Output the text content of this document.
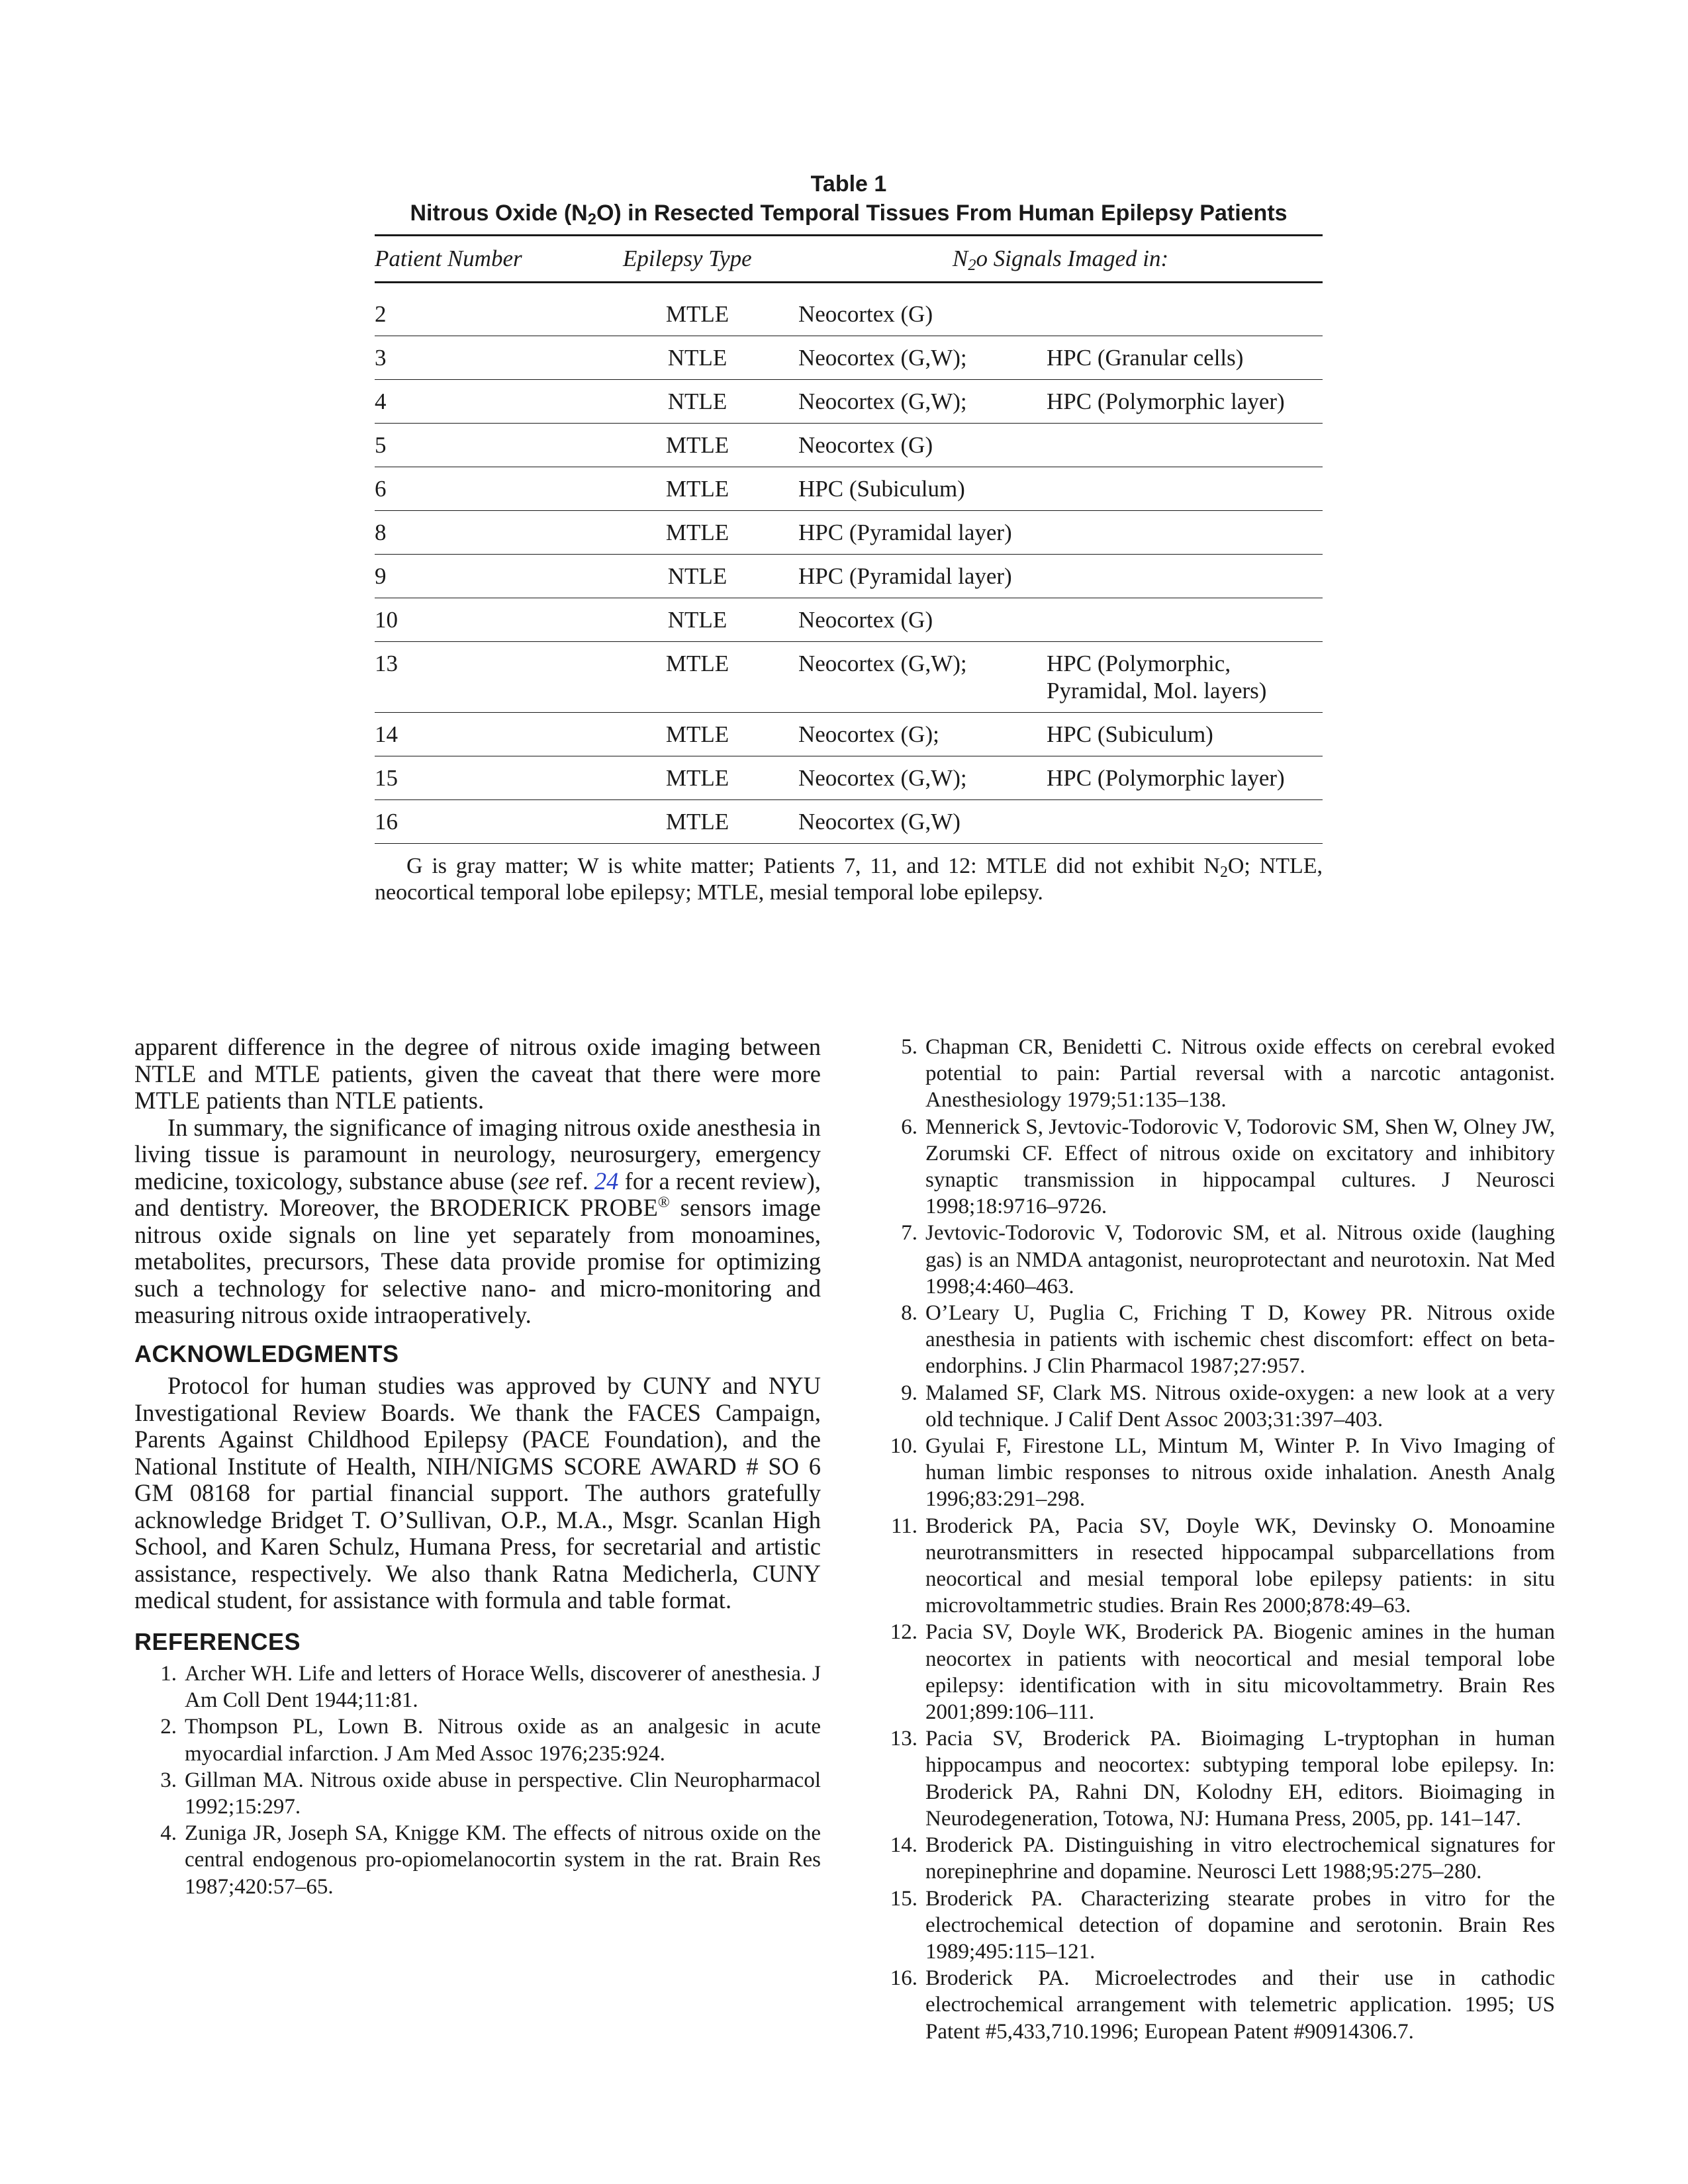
Table 1
Nitrous Oxide $(N_2O)$ in Resected Temporal Tissues From Human Epilepsy Patients
Patient Number	Epilepsy Type	$N_2o$ Signals Imaged in:	
2	MTLE	Neocortex (G)	
3	NTLE	Neocortex (G,W);	HPC (Granular cells)
4	NTLE	Neocortex (G,W);	HPC (Polymorphic layer)
5	MTLE	Neocortex (G)	
6	MTLE	HPC (Subiculum)	
8	MTLE	HPC (Pyramidal layer)	
9	NTLE	HPC (Pyramidal layer)	
10	NTLE	Neocortex (G)	
13	MTLE	Neocortex (G,W);	HPC (Polymorphic,
Pyramidal, Mol. layers)
14	MTLE	Neocortex (G);	HPC (Subiculum)
15	MTLE	Neocortex (G,W);	HPC (Polymorphic layer)
16	MTLE	Neocortex (G,W)	
G is gray matter; W is white matter; Patients 7, 11, and 12: MTLE did not exhibit $N_2O$; NTLE, neocortical temporal lobe epilepsy; MTLE, mesial temporal lobe epilepsy.

apparent difference in the degree of nitrous oxide imaging between NTLE and MTLE patients, given the caveat that there were more MTLE patients than NTLE patients.

In summary, the significance of imaging nitrous oxide anesthesia in living tissue is paramount in neurology, neurosurgery, emergency medicine, toxicology, substance abuse (see ref. 24 for a recent review), and dentistry. Moreover, the BRODERICK PROBE® sensors image nitrous oxide signals on line yet separately from monoamines, metabolites, precursors, These data provide promise for optimizing such a technology for selective nano- and micro-monitoring and measuring nitrous oxide intraoperatively.

ACKNOWLEDGMENTS

Protocol for human studies was approved by CUNY and NYU Investigational Review Boards. We thank the FACES Campaign, Parents Against Childhood Epilepsy (PACE Foundation), and the National Institute of Health, NIH/NIGMS SCORE AWARD # SO 6 GM 08168 for partial financial support. The authors gratefully acknowledge Bridget T. O’Sullivan, O.P., M.A., Msgr. Scanlan High School, and Karen Schulz, Humana Press, for secretarial and artistic assistance, respectively. We also thank Ratna Medicherla, CUNY medical student, for assistance with formula and table format.

REFERENCES

1. Archer WH. Life and letters of Horace Wells, discoverer of anesthesia. J Am Coll Dent 1944;11:81.

2. Thompson PL, Lown B. Nitrous oxide as an analgesic in acute myocardial infarction. J Am Med Assoc 1976;235:924.

3. Gillman MA. Nitrous oxide abuse in perspective. Clin Neuropharmacol 1992;15:297.

4. Zuniga JR, Joseph SA, Knigge KM. The effects of nitrous oxide on the central endogenous pro-opiomelanocortin system in the rat. Brain Res 1987;420:57–65.

5. Chapman CR, Benidetti C. Nitrous oxide effects on cerebral evoked potential to pain: Partial reversal with a narcotic antagonist. Anesthesiology 1979;51:135–138.

6. Mennerick S, Jevtovic-Todorovic V, Todorovic SM, Shen W, Olney JW, Zorumski CF. Effect of nitrous oxide on excitatory and inhibitory synaptic transmission in hippocampal cultures. J Neurosci 1998;18:9716–9726.

7. Jevtovic-Todorovic V, Todorovic SM, et al. Nitrous oxide (laughing gas) is an NMDA antagonist, neuroprotectant and neurotoxin. Nat Med 1998;4:460–463.

8. O’Leary U, Puglia C, Friching T D, Kowey PR. Nitrous oxide anesthesia in patients with ischemic chest discomfort: effect on beta-endorphins. J Clin Pharmacol 1987;27:957.

9. Malamed SF, Clark MS. Nitrous oxide-oxygen: a new look at a very old technique. J Calif Dent Assoc 2003;31:397–403.

10. Gyulai F, Firestone LL, Mintum M, Winter P. In Vivo Imaging of human limbic responses to nitrous oxide inhalation. Anesth Analg 1996;83:291–298.

11. Broderick PA, Pacia SV, Doyle WK, Devinsky O. Monoamine neurotransmitters in resected hippocampal subparcellations from neocortical and mesial temporal lobe epilepsy patients: in situ microvoltammetric studies. Brain Res 2000;878:49–63.

12. Pacia SV, Doyle WK, Broderick PA. Biogenic amines in the human neocortex in patients with neocortical and mesial temporal lobe epilepsy: identification with in situ micovoltammetry. Brain Res 2001;899:106–111.

13. Pacia SV, Broderick PA. Bioimaging L-tryptophan in human hippocampus and neocortex: subtyping temporal lobe epilepsy. In: Broderick PA, Rahni DN, Kolodny EH, editors. Bioimaging in Neurodegeneration, Totowa, NJ: Humana Press, 2005, pp. 141–147.

14. Broderick PA. Distinguishing in vitro electrochemical signatures for norepinephrine and dopamine. Neurosci Lett 1988;95:275–280.

15. Broderick PA. Characterizing stearate probes in vitro for the electrochemical detection of dopamine and serotonin. Brain Res 1989;495:115–121.

16. Broderick PA. Microelectrodes and their use in cathodic electrochemical arrangement with telemetric application. 1995; US Patent #5,433,710.1996; European Patent #90914306.7.
